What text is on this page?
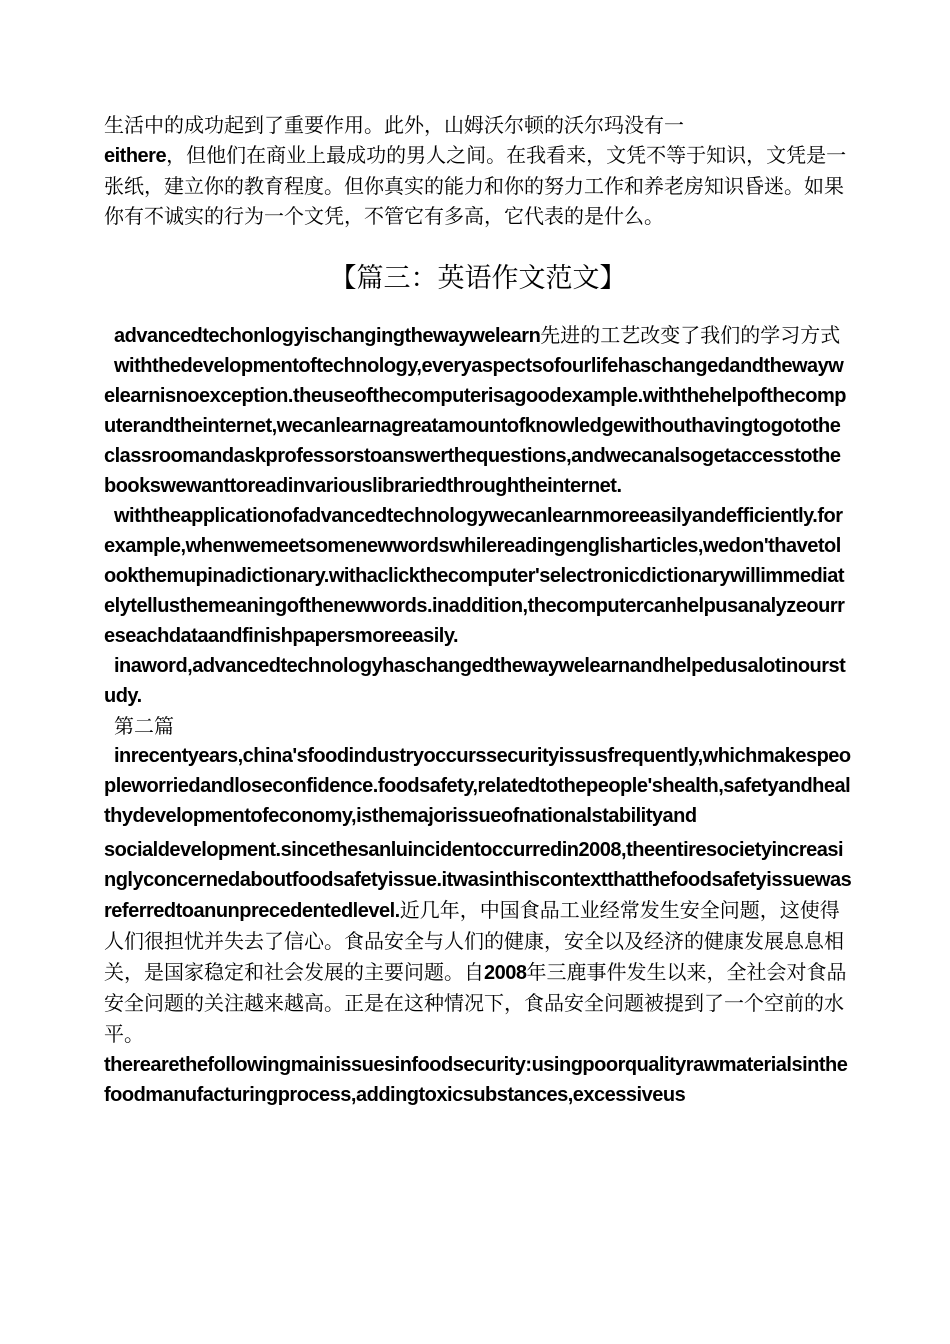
生活中的成功起到了重要作用。此外，山姆沃尔顿的沃尔玛没有一
eithere，但他们在商业上最成功的男人之间。在我看来，文凭不等于知识，文凭是一张纸，建立你的教育程度。但你真实的能力和你的努力工作和养老房知识昏迷。如果你有不诚实的行为一个文凭，不管它有多高，它代表的是什么。
【篇三：英语作文范文】
advancedtechonlogyischangingthewaywelearn先进的工艺改变了我们的学习方式
withthedevelopmentoftechnology,everyaspectsofourlifehaschangedandthewaywelearnisnoexception.theuseofthecomputerisagoodexample.withthehelpofthecomputerandtheinternet,wecanlearnagreatamountofknowledgewithouthavingtogotothe classroomandaskprofessorstoanswerthequestions,andwecanalsogetaccesstothebookswewanttoreadinvariouslibrariedthroughtheinternet.
withtheapplicationofadvancedtechnologywecanlearnmoreeasilyandefficiently.forexample,whenwemeetsomenewwordswhilereadingenglisharticles,wedon'thavetolookthemupinadictionary.withaclickthecomputer'selectronicdictionarywillimmediatelytellusthemeaningofthenewwords.inaddition,thecomputercanhelpusanalyzeourreseachdataandfinishpapersmoreeasily.
inaword,advancedtechnologyhaschangedthewaywelearnandhelpedusalotinourstudy.
第二篇
inrecentyears,china'sfoodindustryoccurssecurityissusfrequently,whichmakespeopleworriedandloseconfidence.foodsafety,relatedtothepeople'shealth,safetyandhealthydevelopmentofeconomy,isthemajorissueofnationalstabilityand
socialdevelopment.sincethesanluincidentoccurredin2008,theentiresocietyincreasinglyconcernedaboutfoodsafetyissue.itwasinthiscontextthatthefoodsafetyissuewasreferredtoanunprecedentedlevel.近几年，中国食品工业经常发生安全问题，这使得人们很担忧并失去了信心。食品安全与人们的健康，安全以及经济的健康发展息息相关，是国家稳定和社会发展的主要问题。自2008年三鹿事件发生以来，全社会对食品安全问题的关注越来越高。正是在这种情况下，食品安全问题被提到了一个空前的水平。
therearethefollowingmainissuesinfoodsecurity:usingpoorqualityrawmaterialsinthefoodmanufacturingprocess,addingtoxicsubstances,excessiveus
